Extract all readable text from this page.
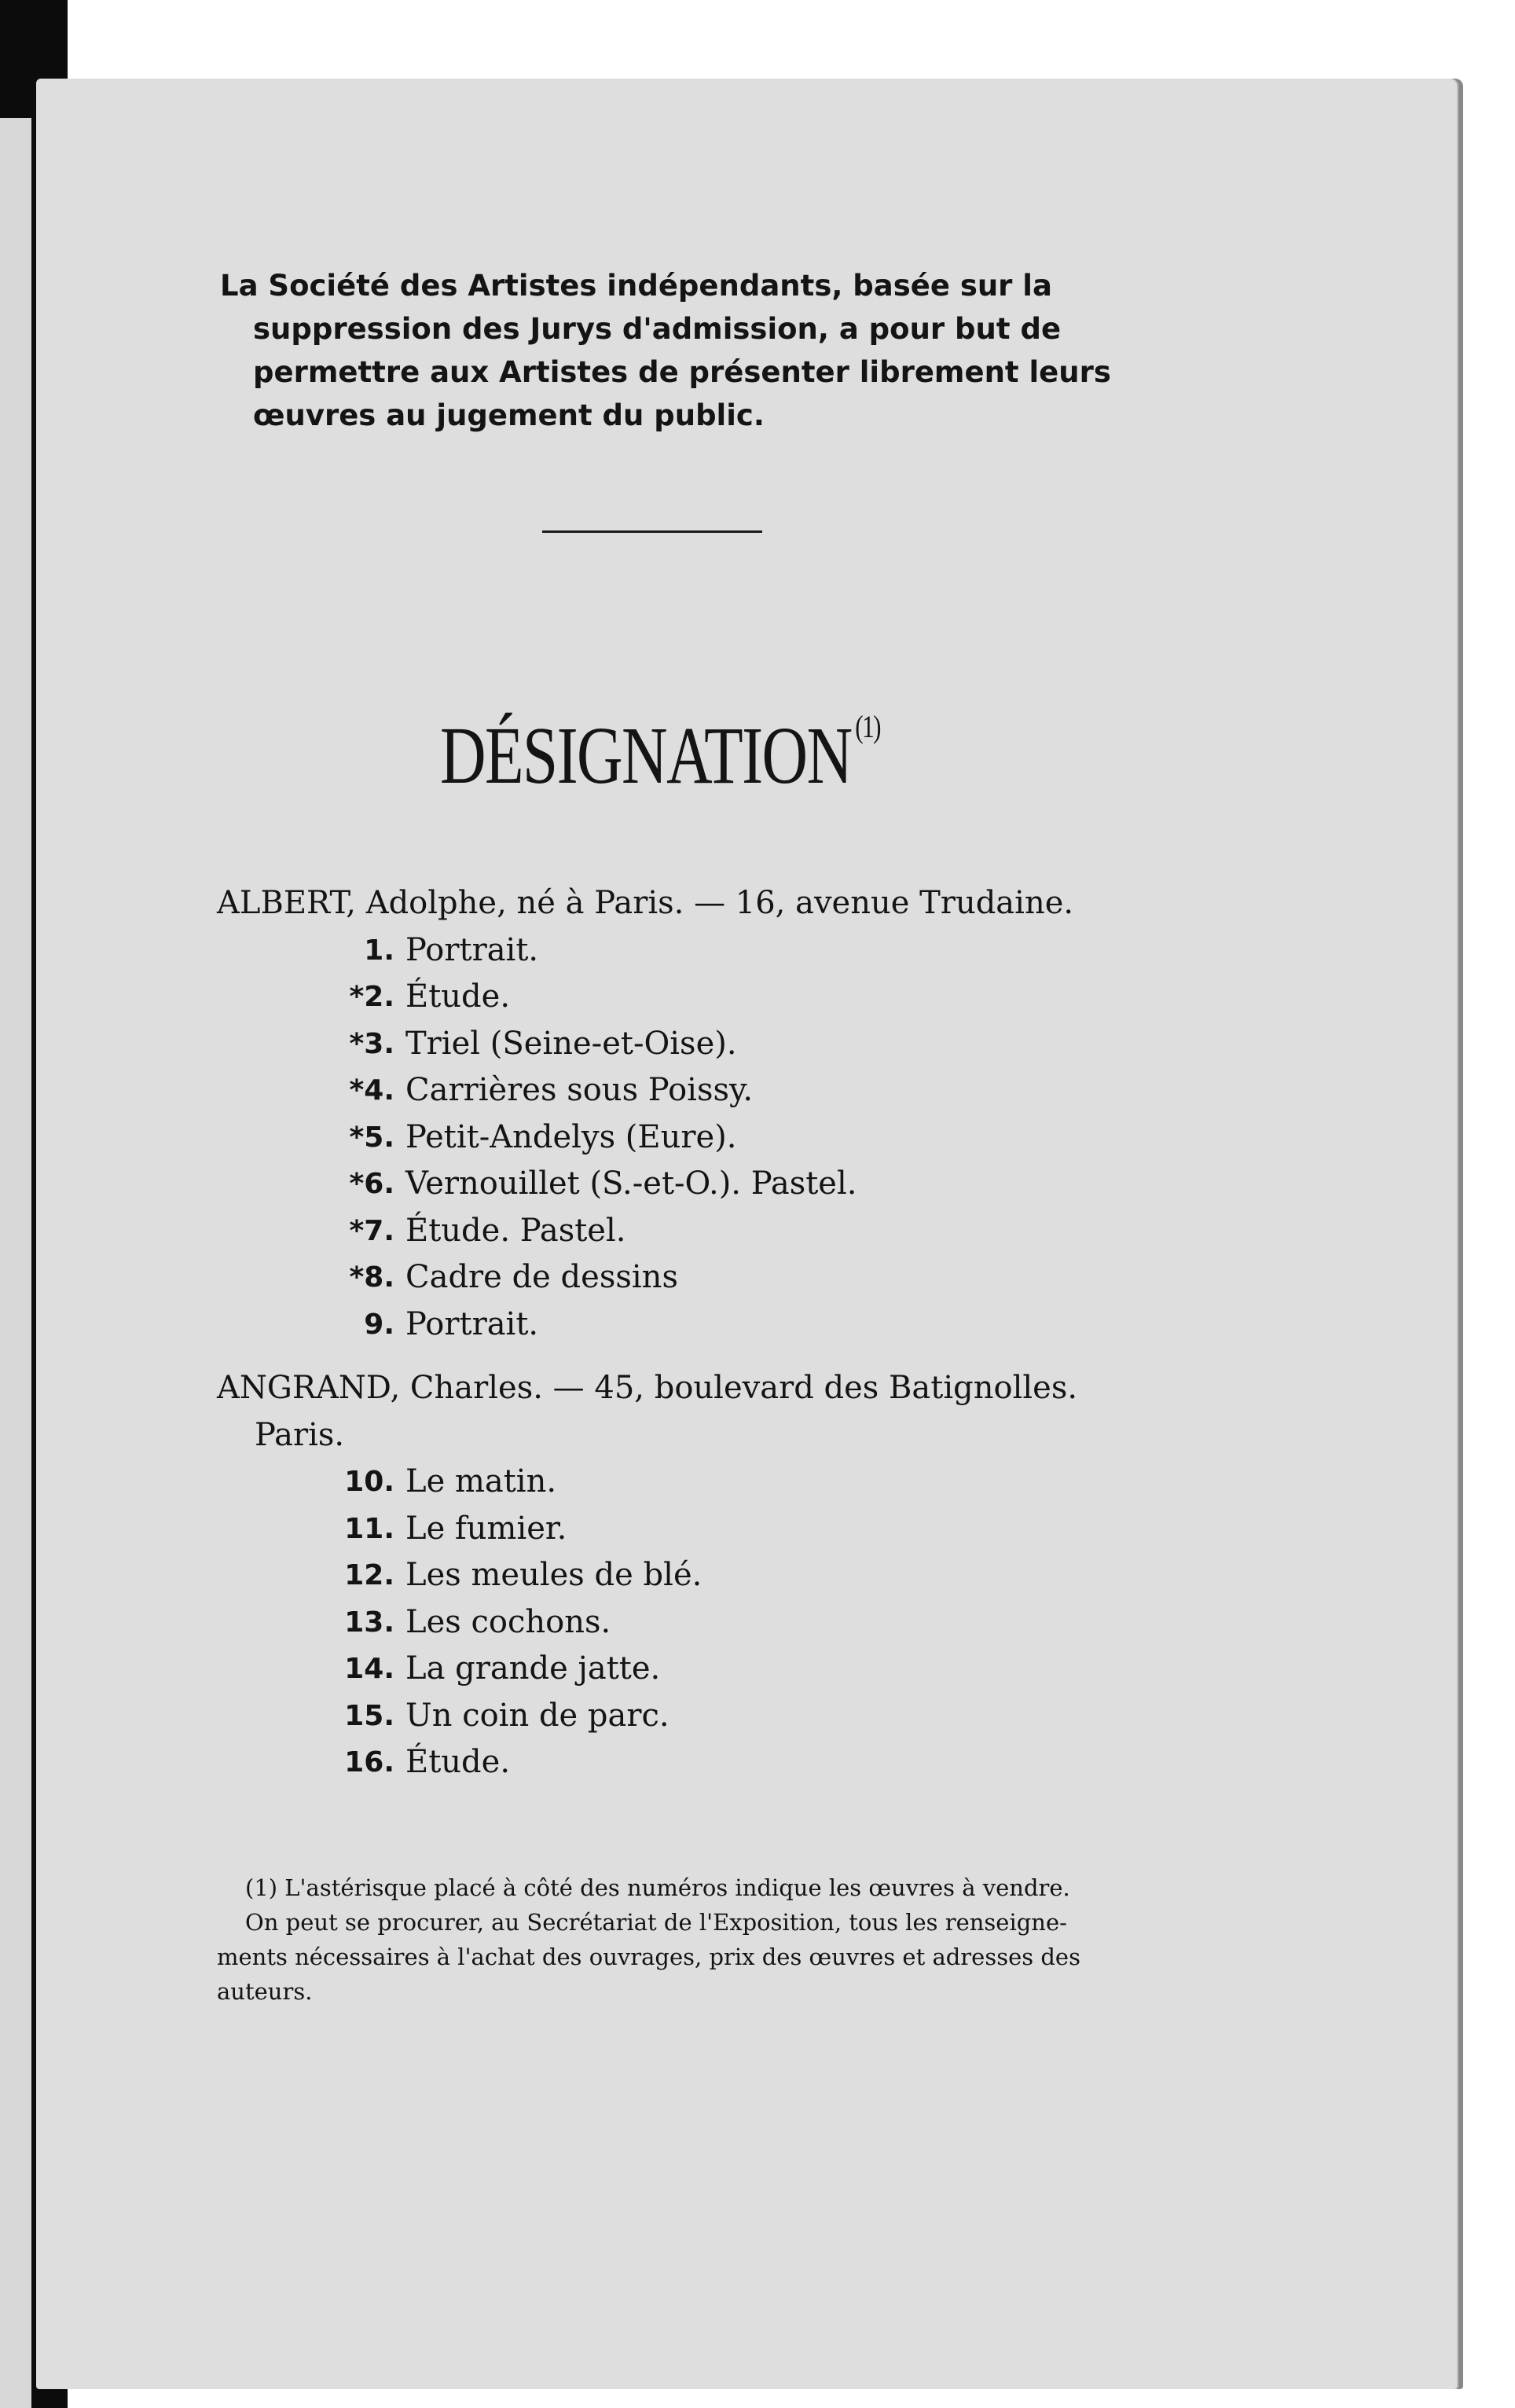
La Société des Artistes indépendants, basée sur la
suppression des Jurys d'admission, a pour but de
permettre aux Artistes de présenter librement leurs
œuvres au jugement du public.
DÉSIGNATION $^{(1)}$
ALBERT, Adolphe, né à Paris. — 16, avenue Trudaine.
1. Portrait.
*2. Étude.
*3. Triel (Seine-et-Oise).
*4. Carrières sous Poissy.
*5. Petit-Andelys (Eure).
*6. Vernouillet (S.-et-O.). Pastel.
*7. Étude. Pastel.
*8. Cadre de dessins
9. Portrait.
ANGRAND, Charles. — 45, boulevard des Batignolles.
Paris.
10. Le matin.
11. Le fumier.
12. Les meules de blé.
13. Les cochons.
14. La grande jatte.
15. Un coin de parc.
16. Étude.
(1) L'astérisque placé à côté des numéros indique les œuvres à vendre.
On peut se procurer, au Secrétariat de l'Exposition, tous les renseigne-
ments nécessaires à l'achat des ouvrages, prix des œuvres et adresses des
auteurs.
